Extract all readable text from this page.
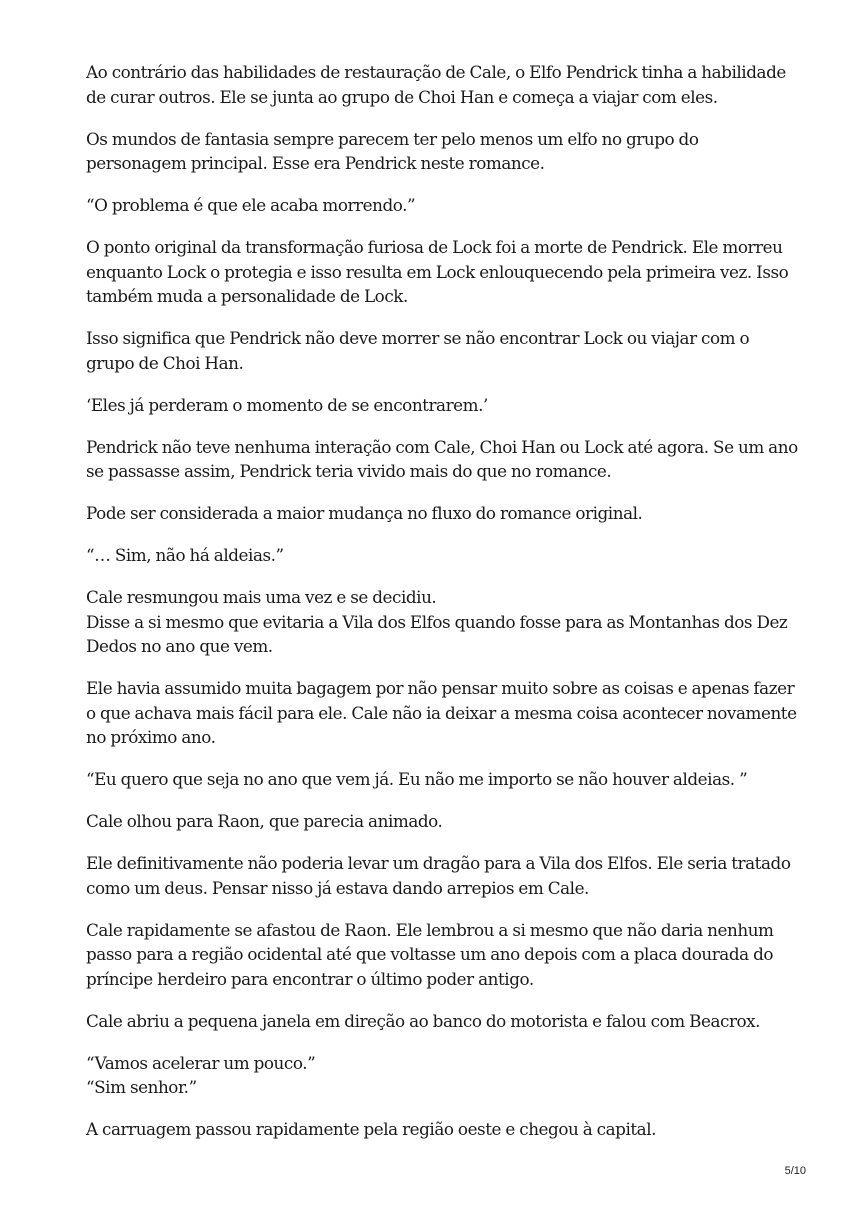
Ao contrário das habilidades de restauração de Cale, o Elfo Pendrick tinha a habilidade
de curar outros. Ele se junta ao grupo de Choi Han e começa a viajar com eles.

Os mundos de fantasia sempre parecem ter pelo menos um elfo no grupo do
personagem principal. Esse era Pendrick neste romance.

“O problema é que ele acaba morrendo.”

O ponto original da transformação furiosa de Lock foi a morte de Pendrick. Ele morreu
enquanto Lock o protegia e isso resulta em Lock enlouquecendo pela primeira vez. Isso
também muda a personalidade de Lock.

Isso significa que Pendrick não deve morrer se não encontrar Lock ou viajar com o
grupo de Choi Han.

‘Eles já perderam o momento de se encontrarem.’

Pendrick não teve nenhuma interação com Cale, Choi Han ou Lock até agora. Se um ano
se passasse assim, Pendrick teria vivido mais do que no romance.

Pode ser considerada a maior mudança no fluxo do romance original.

“… Sim, não há aldeias.”

Cale resmungou mais uma vez e se decidiu.
Disse a si mesmo que evitaria a Vila dos Elfos quando fosse para as Montanhas dos Dez
Dedos no ano que vem.

Ele havia assumido muita bagagem por não pensar muito sobre as coisas e apenas fazer
o que achava mais fácil para ele. Cale não ia deixar a mesma coisa acontecer novamente
no próximo ano.

“Eu quero que seja no ano que vem já. Eu não me importo se não houver aldeias. ”

Cale olhou para Raon, que parecia animado.

Ele definitivamente não poderia levar um dragão para a Vila dos Elfos. Ele seria tratado
como um deus. Pensar nisso já estava dando arrepios em Cale.

Cale rapidamente se afastou de Raon. Ele lembrou a si mesmo que não daria nenhum
passo para a região ocidental até que voltasse um ano depois com a placa dourada do
príncipe herdeiro para encontrar o último poder antigo.

Cale abriu a pequena janela em direção ao banco do motorista e falou com Beacrox.

“Vamos acelerar um pouco.”
“Sim senhor.”

A carruagem passou rapidamente pela região oeste e chegou à capital.

5/10
